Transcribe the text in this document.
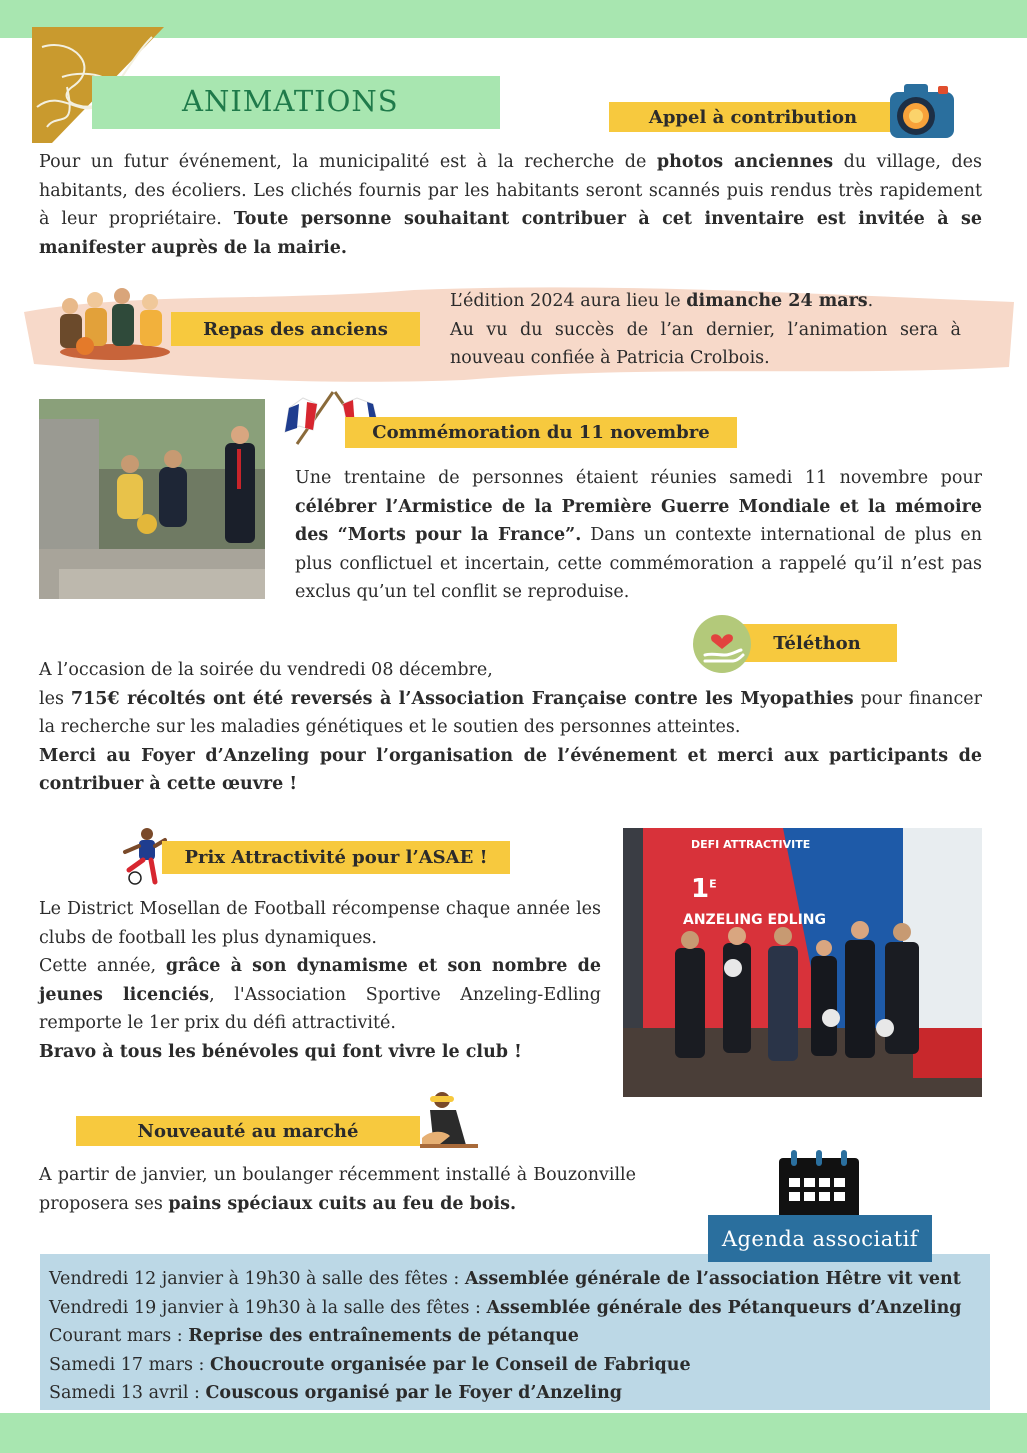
ANIMATIONS	Appel à contribution

Pour un futur événement, la municipalité est à la recherche de photos anciennes du village, des habitants, des écoliers. Les clichés fournis par les habitants seront scannés puis rendus très rapidement à leur propriétaire. Toute personne souhaitant contribuer à cet inventaire est invitée à se manifester auprès de la mairie.

Repas des anciens
L’édition 2024 aura lieu le dimanche 24 mars.
Au vu du succès de l’an dernier, l’animation sera à nouveau confiée à Patricia Crolbois.
Commémoration du 11 novembre

Une trentaine de personnes étaient réunies samedi 11 novembre pour célébrer l’Armistice de la Première Guerre Mondiale et la mémoire des “Morts pour la France”. Dans un contexte international de plus en plus conflictuel et incertain, cette commémoration a rappelé qu’il n’est pas exclus qu’un tel conflit se reproduise.

Téléthon
A l’occasion de la soirée du vendredi 08 décembre,
les 715€ récoltés ont été reversés à l’Association Française contre les Myopathies pour financer la recherche sur les maladies génétiques et le soutien des personnes atteintes.
Merci au Foyer d’Anzeling pour l’organisation de l’événement et merci aux participants de contribuer à cette œuvre !
Prix Attractivité pour l’ASAE !
Le District Mosellan de Football récompense chaque année les clubs de football les plus dynamiques.
Cette année, grâce à son dynamisme et son nombre de jeunes licenciés, l'Association Sportive Anzeling-Edling remporte le 1er prix du défi attractivité.
Bravo à tous les bénévoles qui font vivre le club !
DEFI ATTRACTIVITE
$1^E$
ANZELING EDLING
Nouveauté au marché

A partir de janvier, un boulanger récemment installé à Bouzonville proposera ses pains spéciaux cuits au feu de bois.

Agenda associatif
Vendredi 12 janvier à 19h30 à salle des fêtes : Assemblée générale de l’association Hêtre vit vent
Vendredi 19 janvier à 19h30 à la salle des fêtes : Assemblée générale des Pétanqueurs d’Anzeling
Courant mars : Reprise des entraînements de pétanque
Samedi 17 mars : Choucroute organisée par le Conseil de Fabrique
Samedi 13 avril : Couscous organisé par le Foyer d’Anzeling
